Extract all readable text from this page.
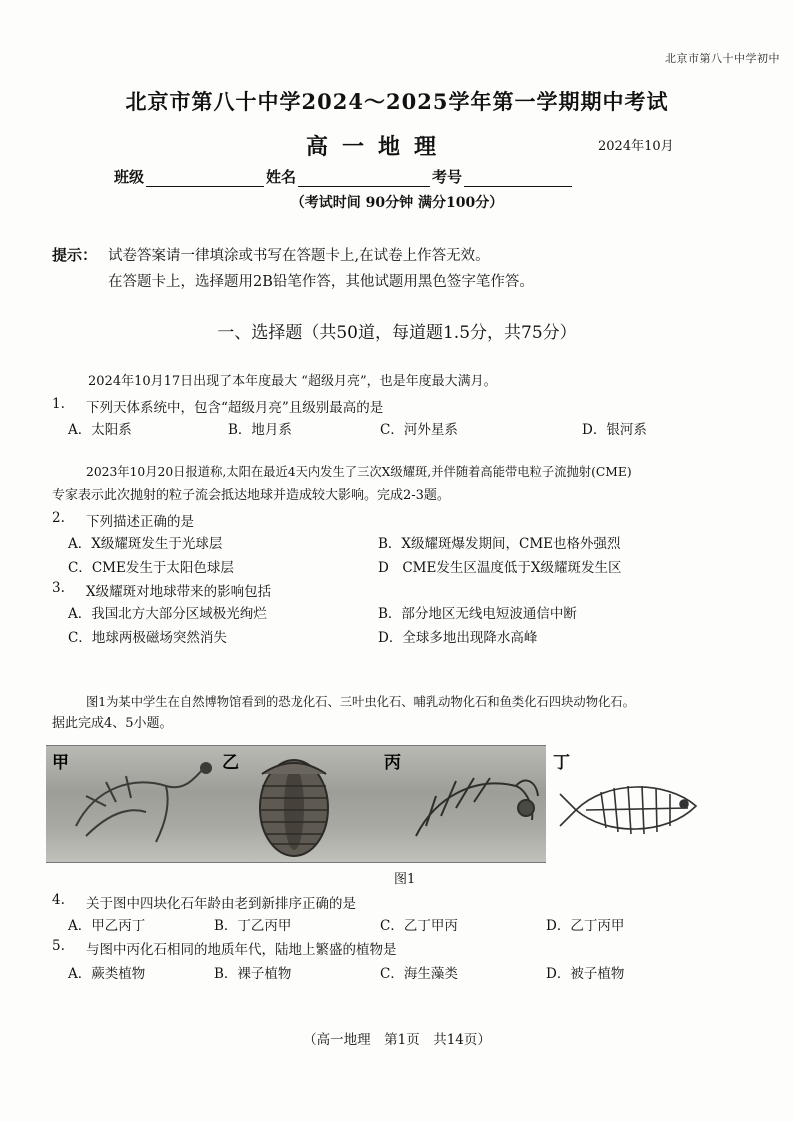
北京市第八十中学初中
北京市第八十中学2024～2025学年第一学期期中考试
高一地理	2024年10月
班级	姓名	考号
（考试时间 90分钟 满分100分）
提示： 试卷答案请一律填涂或书写在答题卡上,在试卷上作答无效。
在答题卡上，选择题用2B铅笔作答，其他试题用黑色签字笔作答。
一、选择题（共50道，每道题1.5分，共75分）
2024年10月17日出现了本年度最大 “超级月亮”，也是年度最大满月。
1. 下列天体系统中，包含“超级月亮”且级别最高的是
A．太阳系	B．地月系	C．河外星系	D．银河系
2023年10月20日报道称,太阳在最近4天内发生了三次X级耀斑,并伴随着高能带电粒子流抛射(CME)
专家表示此次抛射的粒子流会抵达地球并造成较大影响。完成2-3题。
2. 下列描述正确的是
A．X级耀斑发生于光球层	B．X级耀斑爆发期间，CME也格外强烈
C．CME发生于太阳色球层	D　CME发生区温度低于X级耀斑发生区
3. X级耀斑对地球带来的影响包括
A．我国北方大部分区域极光绚烂	B．部分地区无线电短波通信中断
C．地球两极磁场突然消失	D．全球多地出现降水高峰
图1为某中学生在自然博物馆看到的恐龙化石、三叶虫化石、哺乳动物化石和鱼类化石四块动物化石。
据此完成4、5小题。
甲	乙	丙	丁
图1
4. 关于图中四块化石年龄由老到新排序正确的是
A．甲乙丙丁	B．丁乙丙甲	C．乙丁甲丙	D．乙丁丙甲
5. 与图中丙化石相同的地质年代，陆地上繁盛的植物是
A．蕨类植物	B．裸子植物	C．海生藻类	D．被子植物
（高一地理　第1页　共14页）
